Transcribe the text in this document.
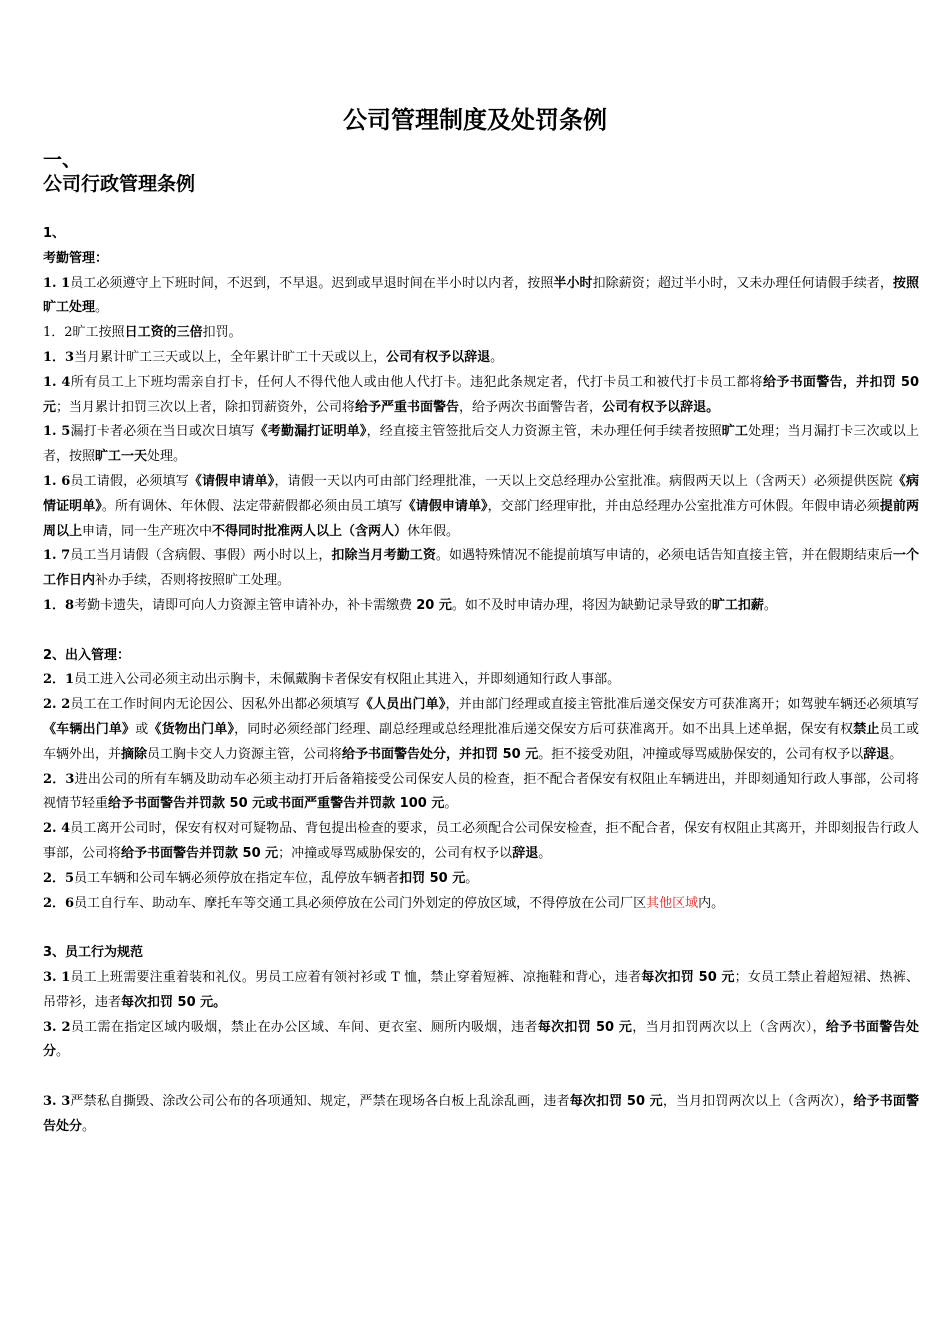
公司管理制度及处罚条例
一、
公司行政管理条例

1、

考勤管理：

1. 1员工必须遵守上下班时间，不迟到，不早退。迟到或早退时间在半小时以内者，按照半小时扣除薪资；超过半小时，又未办理任何请假手续者，按照旷工处理。

1．2旷工按照日工资的三倍扣罚。

1．3当月累计旷工三天或以上，全年累计旷工十天或以上，公司有权予以辞退。

1. 4所有员工上下班均需亲自打卡，任何人不得代他人或由他人代打卡。违犯此条规定者，代打卡员工和被代打卡员工都将给予书面警告，并扣罚 50 元；当月累计扣罚三次以上者，除扣罚薪资外，公司将给予严重书面警告，给予两次书面警告者，公司有权予以辞退。

1. 5漏打卡者必须在当日或次日填写《考勤漏打证明单》，经直接主管签批后交人力资源主管，未办理任何手续者按照旷工处理；当月漏打卡三次或以上者，按照旷工一天处理。

1. 6员工请假，必须填写《请假申请单》，请假一天以内可由部门经理批准，一天以上交总经理办公室批准。病假两天以上（含两天）必须提供医院《病情证明单》。所有调休、年休假、法定带薪假都必须由员工填写《请假申请单》，交部门经理审批，并由总经理办公室批准方可休假。年假申请必须提前两周以上申请，同一生产班次中不得同时批准两人以上（含两人）休年假。

1. 7员工当月请假（含病假、事假）两小时以上，扣除当月考勤工资。如遇特殊情况不能提前填写申请的，必须电话告知直接主管，并在假期结束后一个工作日内补办手续，否则将按照旷工处理。

1．8考勤卡遗失，请即可向人力资源主管申请补办，补卡需缴费 20 元。如不及时申请办理，将因为缺勤记录导致的旷工扣薪。

2、出入管理：

2．1员工进入公司必须主动出示胸卡，未佩戴胸卡者保安有权阻止其进入，并即刻通知行政人事部。

2. 2员工在工作时间内无论因公、因私外出都必须填写《人员出门单》，并由部门经理或直接主管批准后递交保安方可获准离开；如驾驶车辆还必须填写《车辆出门单》或《货物出门单》，同时必须经部门经理、副总经理或总经理批准后递交保安方后可获准离开。如不出具上述单据，保安有权禁止员工或车辆外出，并摘除员工胸卡交人力资源主管，公司将给予书面警告处分，并扣罚 50 元。拒不接受劝阻，冲撞或辱骂威胁保安的，公司有权予以辞退。

2．3进出公司的所有车辆及助动车必须主动打开后备箱接受公司保安人员的检查，拒不配合者保安有权阻止车辆进出，并即刻通知行政人事部，公司将视情节轻重给予书面警告并罚款 50 元或书面严重警告并罚款 100 元。

2. 4员工离开公司时，保安有权对可疑物品、背包提出检查的要求，员工必须配合公司保安检查，拒不配合者，保安有权阻止其离开，并即刻报告行政人事部，公司将给予书面警告并罚款 50 元；冲撞或辱骂威胁保安的，公司有权予以辞退。

2．5员工车辆和公司车辆必须停放在指定车位，乱停放车辆者扣罚 50 元。

2．6员工自行车、助动车、摩托车等交通工具必须停放在公司门外划定的停放区域，不得停放在公司厂区其他区域内。

3、员工行为规范

3. 1员工上班需要注重着装和礼仪。男员工应着有领衬衫或 T 恤，禁止穿着短裤、凉拖鞋和背心，违者每次扣罚 50 元；女员工禁止着超短裙、热裤、吊带衫，违者每次扣罚 50 元。

3. 2员工需在指定区域内吸烟，禁止在办公区域、车间、更衣室、厕所内吸烟，违者每次扣罚 50 元，当月扣罚两次以上（含两次），给予书面警告处分。

3. 3严禁私自撕毁、涂改公司公布的各项通知、规定，严禁在现场各白板上乱涂乱画，违者每次扣罚 50 元，当月扣罚两次以上（含两次），给予书面警告处分。
